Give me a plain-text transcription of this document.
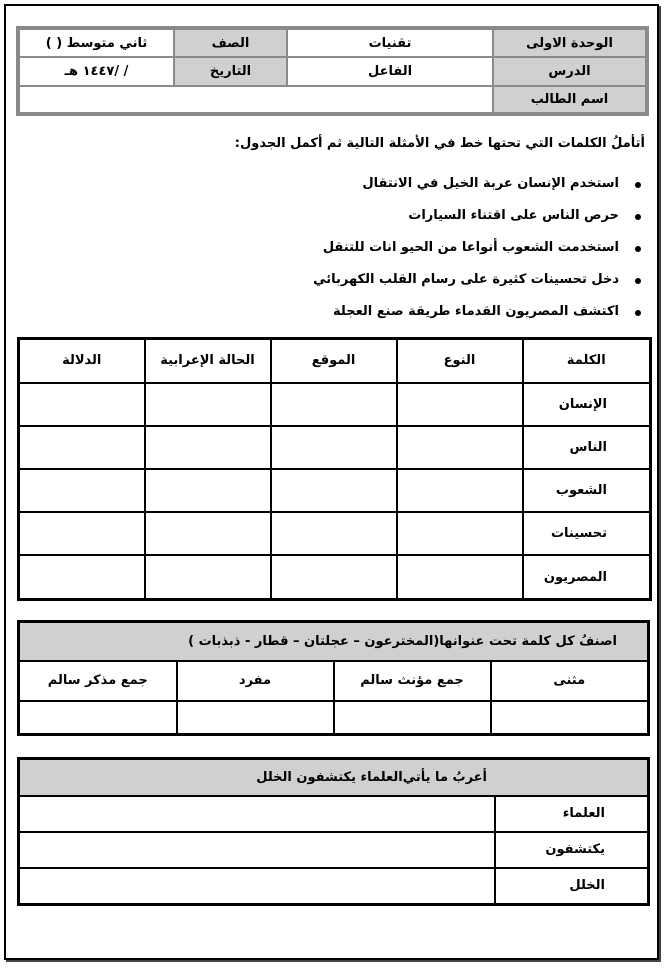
الوحدة الاولى	تقنيات	الصف	ثاني متوسط ( )
الدرس	الفاعل	التاريخ	/ /١٤٤٧ هـ
اسم الطالب			
أتأملُ الكلمات التي تحتها خط في الأمثلة التالية ثم أكمل الجدول:
استخدم الإنسان عربة الخيل في الانتقال
حرص الناس على اقتناء السيارات
استخدمت الشعوب أنواعا من الحيو انات للتنقل
دخل تحسينات كثيرة على رسام القلب الكهربائي
اكتشف المصريون القدماء طريقة صنع العجلة
الكلمة	النوع	الموقع	الحالة الإعرابية	الدلالة
الإنسان				
الناس				
الشعوب				
تحسينات				
المصريون				
اصنفُ كل كلمة تحت عنوانها
(المخترعون – عجلتان – قطار - ذبذبات )			

مثنى	جمع مؤنث سالم	مفرد	جمع مذكر سالم

أعربُ ما يأتي
العلماء يكتشفون الخلل	

العلماء	
يكتشفون	
الخلل	
